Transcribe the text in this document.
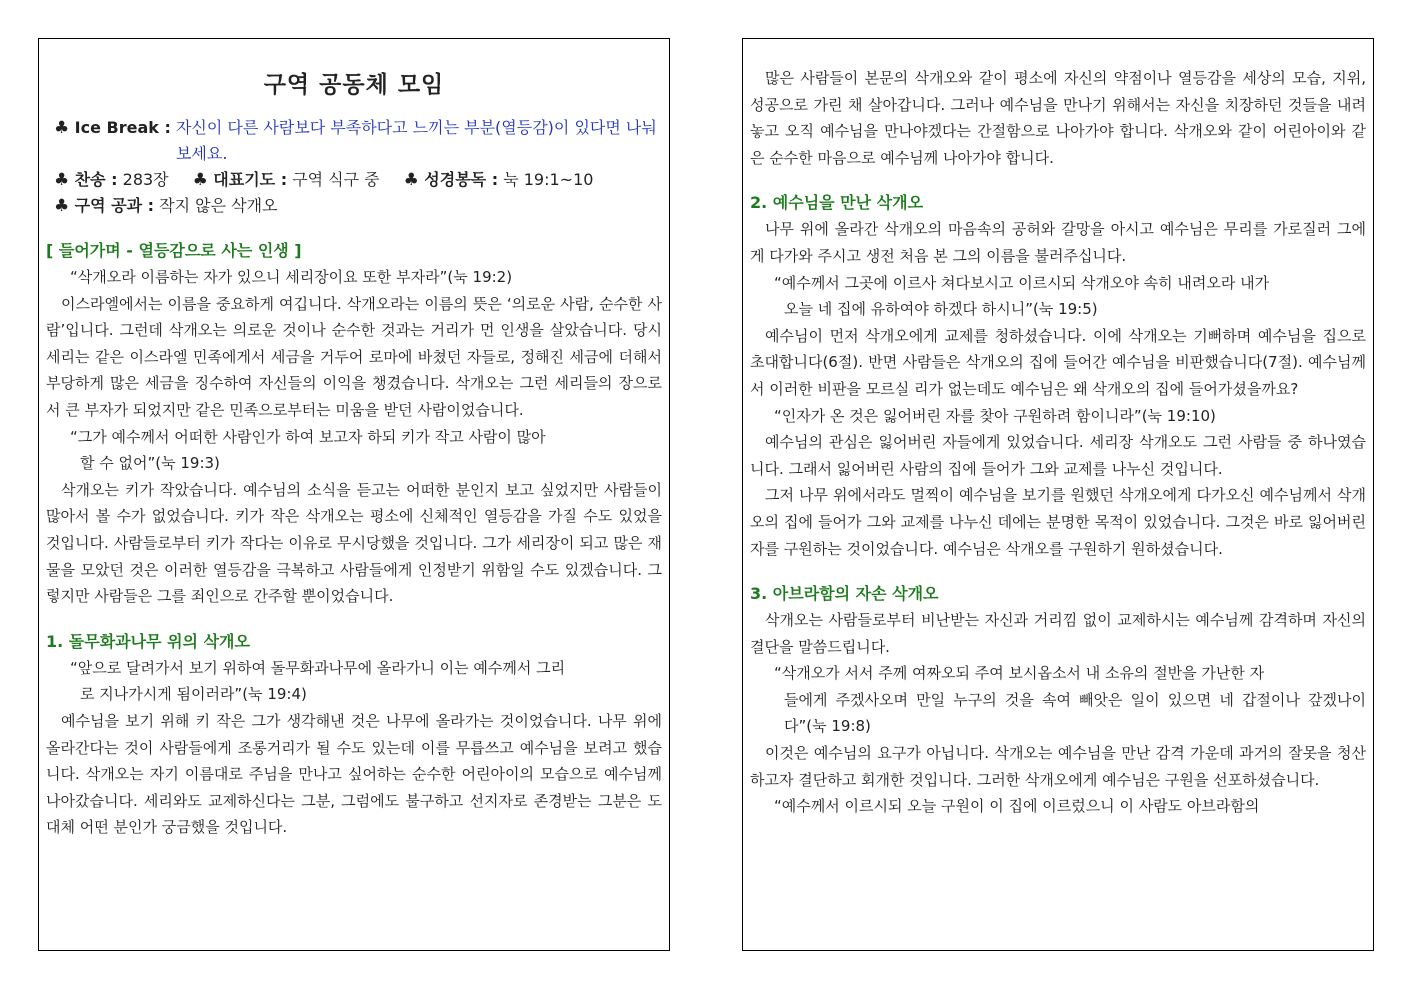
구역 공동체 모임
♣ Ice Break :
자신이 다른 사람보다 부족하다고 느끼는 부분(열등감)이 있다면 나눠보세요.
♣ 찬송 :
283장 ♣ 대표기도 :
구역 식구 중 ♣ 성경봉독 :
눅 19:1~10
♣ 구역 공과 :
작지 않은 삭개오
[ 들어가며 - 열등감으로 사는 인생 ]

“삭개오라 이름하는 자가 있으니 세리장이요 또한 부자라”(눅 19:2)

이스라엘에서는 이름을 중요하게 여깁니다. 삭개오라는 이름의 뜻은 ‘의로운 사람, 순수한 사람’입니다. 그런데 삭개오는 의로운 것이나 순수한 것과는 거리가 먼 인생을 살았습니다. 당시 세리는 같은 이스라엘 민족에게서 세금을 거두어 로마에 바쳤던 자들로, 정해진 세금에 더해서 부당하게 많은 세금을 징수하여 자신들의 이익을 챙겼습니다. 삭개오는 그런 세리들의 장으로서 큰 부자가 되었지만 같은 민족으로부터는 미움을 받던 사람이었습니다.

“그가 예수께서 어떠한 사람인가 하여 보고자 하되 키가 작고 사람이 많아
할 수 없어”(눅 19:3)

삭개오는 키가 작았습니다. 예수님의 소식을 듣고는 어떠한 분인지 보고 싶었지만 사람들이 많아서 볼 수가 없었습니다. 키가 작은 삭개오는 평소에 신체적인 열등감을 가질 수도 있었을 것입니다. 사람들로부터 키가 작다는 이유로 무시당했을 것입니다. 그가 세리장이 되고 많은 재물을 모았던 것은 이러한 열등감을 극복하고 사람들에게 인정받기 위함일 수도 있겠습니다. 그렇지만 사람들은 그를 죄인으로 간주할 뿐이었습니다.

1. 돌무화과나무 위의 삭개오

“앞으로 달려가서 보기 위하여 돌무화과나무에 올라가니 이는 예수께서 그리
로 지나가시게 됨이러라”(눅 19:4)

예수님을 보기 위해 키 작은 그가 생각해낸 것은 나무에 올라가는 것이었습니다. 나무 위에 올라간다는 것이 사람들에게 조롱거리가 될 수도 있는데 이를 무릅쓰고 예수님을 보려고 했습니다. 삭개오는 자기 이름대로 주님을 만나고 싶어하는 순수한 어린아이의 모습으로 예수님께 나아갔습니다. 세리와도 교제하신다는 그분, 그럼에도 불구하고 선지자로 존경받는 그분은 도대체 어떤 분인가 궁금했을 것입니다.

많은 사람들이 본문의 삭개오와 같이 평소에 자신의 약점이나 열등감을 세상의 모습, 지위, 성공으로 가린 채 살아갑니다. 그러나 예수님을 만나기 위해서는 자신을 치장하던 것들을 내려놓고 오직 예수님을 만나야겠다는 간절함으로 나아가야 합니다. 삭개오와 같이 어린아이와 같은 순수한 마음으로 예수님께 나아가야 합니다.

2. 예수님을 만난 삭개오

나무 위에 올라간 삭개오의 마음속의 공허와 갈망을 아시고 예수님은 무리를 가로질러 그에게 다가와 주시고 생전 처음 본 그의 이름을 불러주십니다.

“예수께서 그곳에 이르사 쳐다보시고 이르시되 삭개오야 속히 내려오라 내가
오늘 네 집에 유하여야 하겠다 하시니”(눅 19:5)

예수님이 먼저 삭개오에게 교제를 청하셨습니다. 이에 삭개오는 기뻐하며 예수님을 집으로 초대합니다(6절). 반면 사람들은 삭개오의 집에 들어간 예수님을 비판했습니다(7절). 예수님께서 이러한 비판을 모르실 리가 없는데도 예수님은 왜 삭개오의 집에 들어가셨을까요?

“인자가 온 것은 잃어버린 자를 찾아 구원하려 함이니라”(눅 19:10)

예수님의 관심은 잃어버린 자들에게 있었습니다. 세리장 삭개오도 그런 사람들 중 하나였습니다. 그래서 잃어버린 사람의 집에 들어가 그와 교제를 나누신 것입니다.

그저 나무 위에서라도 멀찍이 예수님을 보기를 원했던 삭개오에게 다가오신 예수님께서 삭개오의 집에 들어가 그와 교제를 나누신 데에는 분명한 목적이 있었습니다. 그것은 바로 잃어버린 자를 구원하는 것이었습니다. 예수님은 삭개오를 구원하기 원하셨습니다.

3. 아브라함의 자손 삭개오

삭개오는 사람들로부터 비난받는 자신과 거리낌 없이 교제하시는 예수님께 감격하며 자신의 결단을 말씀드립니다.

“삭개오가 서서 주께 여짜오되 주여 보시옵소서 내 소유의 절반을 가난한 자
들에게 주겠사오며 만일 누구의 것을 속여 빼앗은 일이 있으면 네 갑절이나 갚겠나이다”(눅 19:8)

이것은 예수님의 요구가 아닙니다. 삭개오는 예수님을 만난 감격 가운데 과거의 잘못을 청산하고자 결단하고 회개한 것입니다. 그러한 삭개오에게 예수님은 구원을 선포하셨습니다.

“예수께서 이르시되 오늘 구원이 이 집에 이르렀으니 이 사람도 아브라함의
